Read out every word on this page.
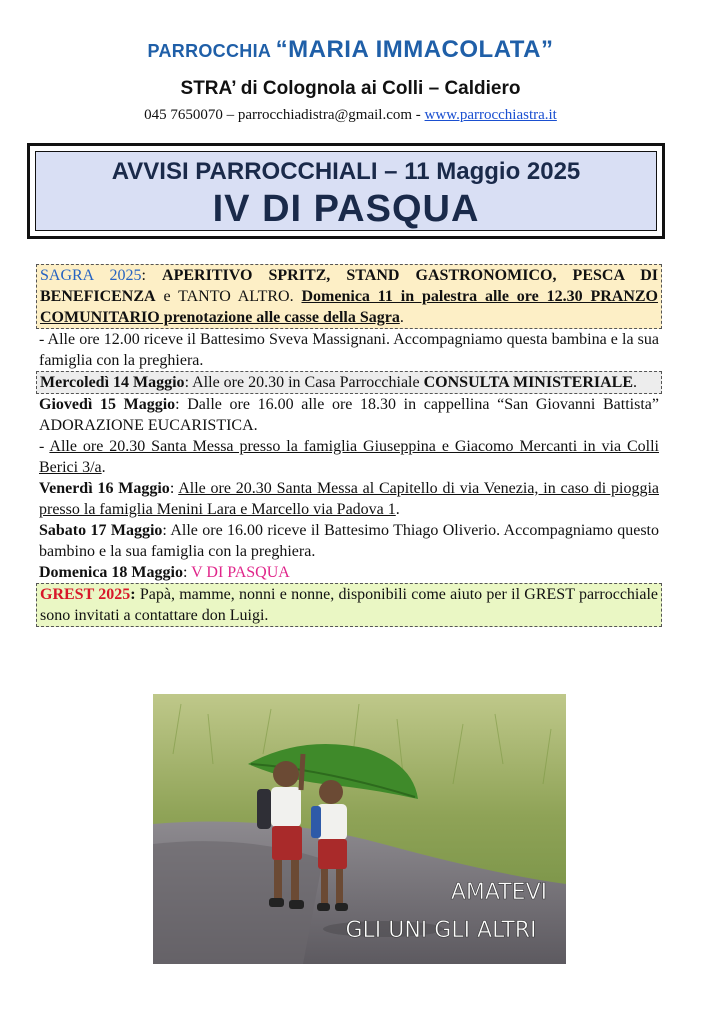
PARROCCHIA “MARIA IMMACOLATA”
STRA’ di Colognola ai Colli – Caldiero
045 7650070 – parrocchiadistra@gmail.com - www.parrocchiastra.it
AVVISI PARROCCHIALI – 11 Maggio 2025
IV DI PASQUA
SAGRA 2025: APERITIVO SPRITZ, STAND GASTRONOMICO, PESCA DI BENEFICENZA e TANTO ALTRO. Domenica 11 in palestra alle ore 12.30 PRANZO COMUNITARIO prenotazione alle casse della Sagra.
- Alle ore 12.00 riceve il Battesimo Sveva Massignani. Accompagniamo questa bambina e la sua famiglia con la preghiera.
Mercoledì 14 Maggio: Alle ore 20.30 in Casa Parrocchiale CONSULTA MINISTERIALE.
Giovedì 15 Maggio: Dalle ore 16.00 alle ore 18.30 in cappellina “San Giovanni Battista” ADORAZIONE EUCARISTICA.
- Alle ore 20.30 Santa Messa presso la famiglia Giuseppina e Giacomo Mercanti in via Colli Berici 3/a.
Venerdì 16 Maggio: Alle ore 20.30 Santa Messa al Capitello di via Venezia, in caso di pioggia presso la famiglia Menini Lara e Marcello via Padova 1.
Sabato 17 Maggio: Alle ore 16.00 riceve il Battesimo Thiago Oliverio. Accompagniamo questo bambino e la sua famiglia con la preghiera.
Domenica 18 Maggio: V DI PASQUA
GREST 2025: Papà, mamme, nonni e nonne, disponibili come aiuto per il GREST parrocchiale sono invitati a contattare don Luigi.
AMATEVI
GLI UNI GLI ALTRI
